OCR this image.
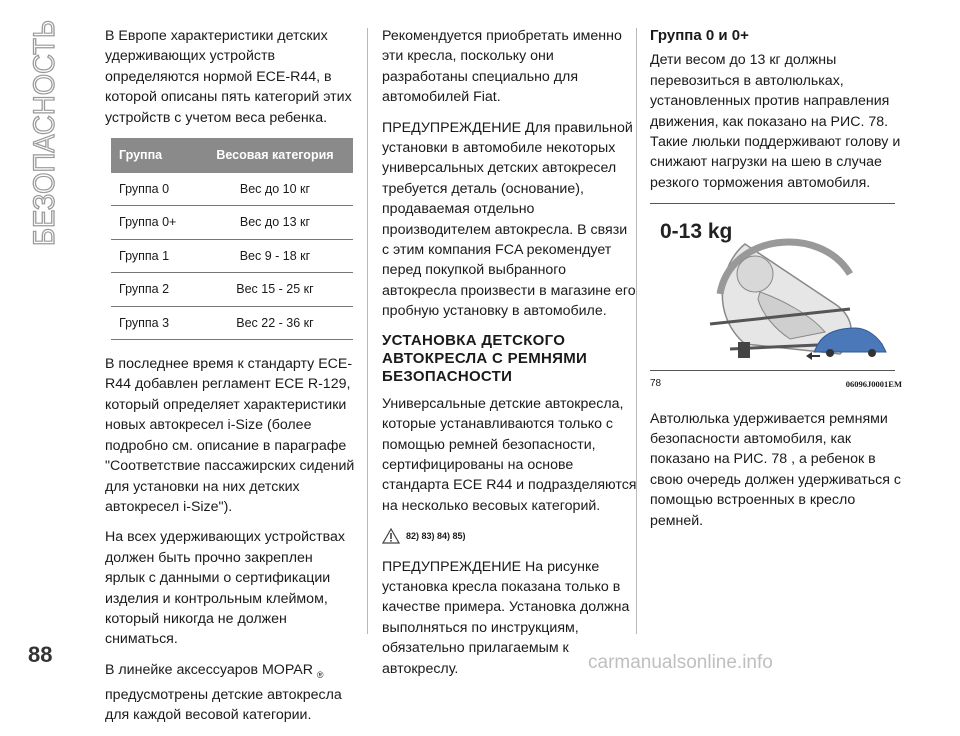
БЕЗОПАСНОСТЬ	В Европе характеристики детских удерживающих устройств определяются нормой ECE-R44, в которой описаны пять категорий этих устройств с учетом веса ребенка.

Группа	Весовая категория
Группа 0	Вес до 10 кг
Группа 0+	Вес до 13 кг
Группа 1	Вес 9 - 18 кг
Группа 2	Вес 15 - 25 кг
Группа 3	Вес 22 - 36 кг

В последнее время к стандарту ECE-R44 добавлен регламент ECE R-129, который определяет характеристики новых автокресел i-Size (более подробно см. описание в параграфе "Соответствие пассажирских сидений для установки на них детских автокресел i-Size").

На всех удерживающих устройствах должен быть прочно закреплен ярлык с данными о сертификации изделия и контрольным клеймом, который никогда не должен сниматься.

В линейке аксессуаров MOPAR $_®$ предусмотрены детские автокресла для каждой весовой категории.

Рекомендуется приобретать именно эти кресла, поскольку они разработаны специально для автомобилей Fiat.

ПРЕДУПРЕЖДЕНИЕ Для правильной установки в автомобиле некоторых универсальных детских автокресел требуется деталь (основание), продаваемая отдельно производителем автокресла. В связи с этим компания FCA рекомендует перед покупкой выбранного автокресла произвести в магазине его пробную установку в автомобиле.

УСТАНОВКА ДЕТСКОГО АВТОКРЕСЛА С РЕМНЯМИ БЕЗОПАСНОСТИ

Универсальные детские автокресла, которые устанавливаются только с помощью ремней безопасности, сертифицированы на основе стандарта ECE R44 и подразделяются на несколько весовых категорий.

82) 83) 84) 85)

ПРЕДУПРЕЖДЕНИЕ На рисунке установка кресла показана только в качестве примера. Установка должна выполняться по инструкциям, обязательно прилагаемым к автокреслу.

Группа 0 и 0+

Дети весом до 13 кг должны перевозиться в автолюльках, установленных против направления движения, как показано на РИС. 78. Такие люльки поддерживают голову и снижают нагрузки на шею в случае резкого торможения автомобиля.

0-13 kg
78	06096J0001EM

Автолюлька удерживается ремнями безопасности автомобиля, как показано на РИС. 78 , а ребенок в свою очередь должен удерживаться с помощью встроенных в кресло ремней.

88	carmanualsonline.info
